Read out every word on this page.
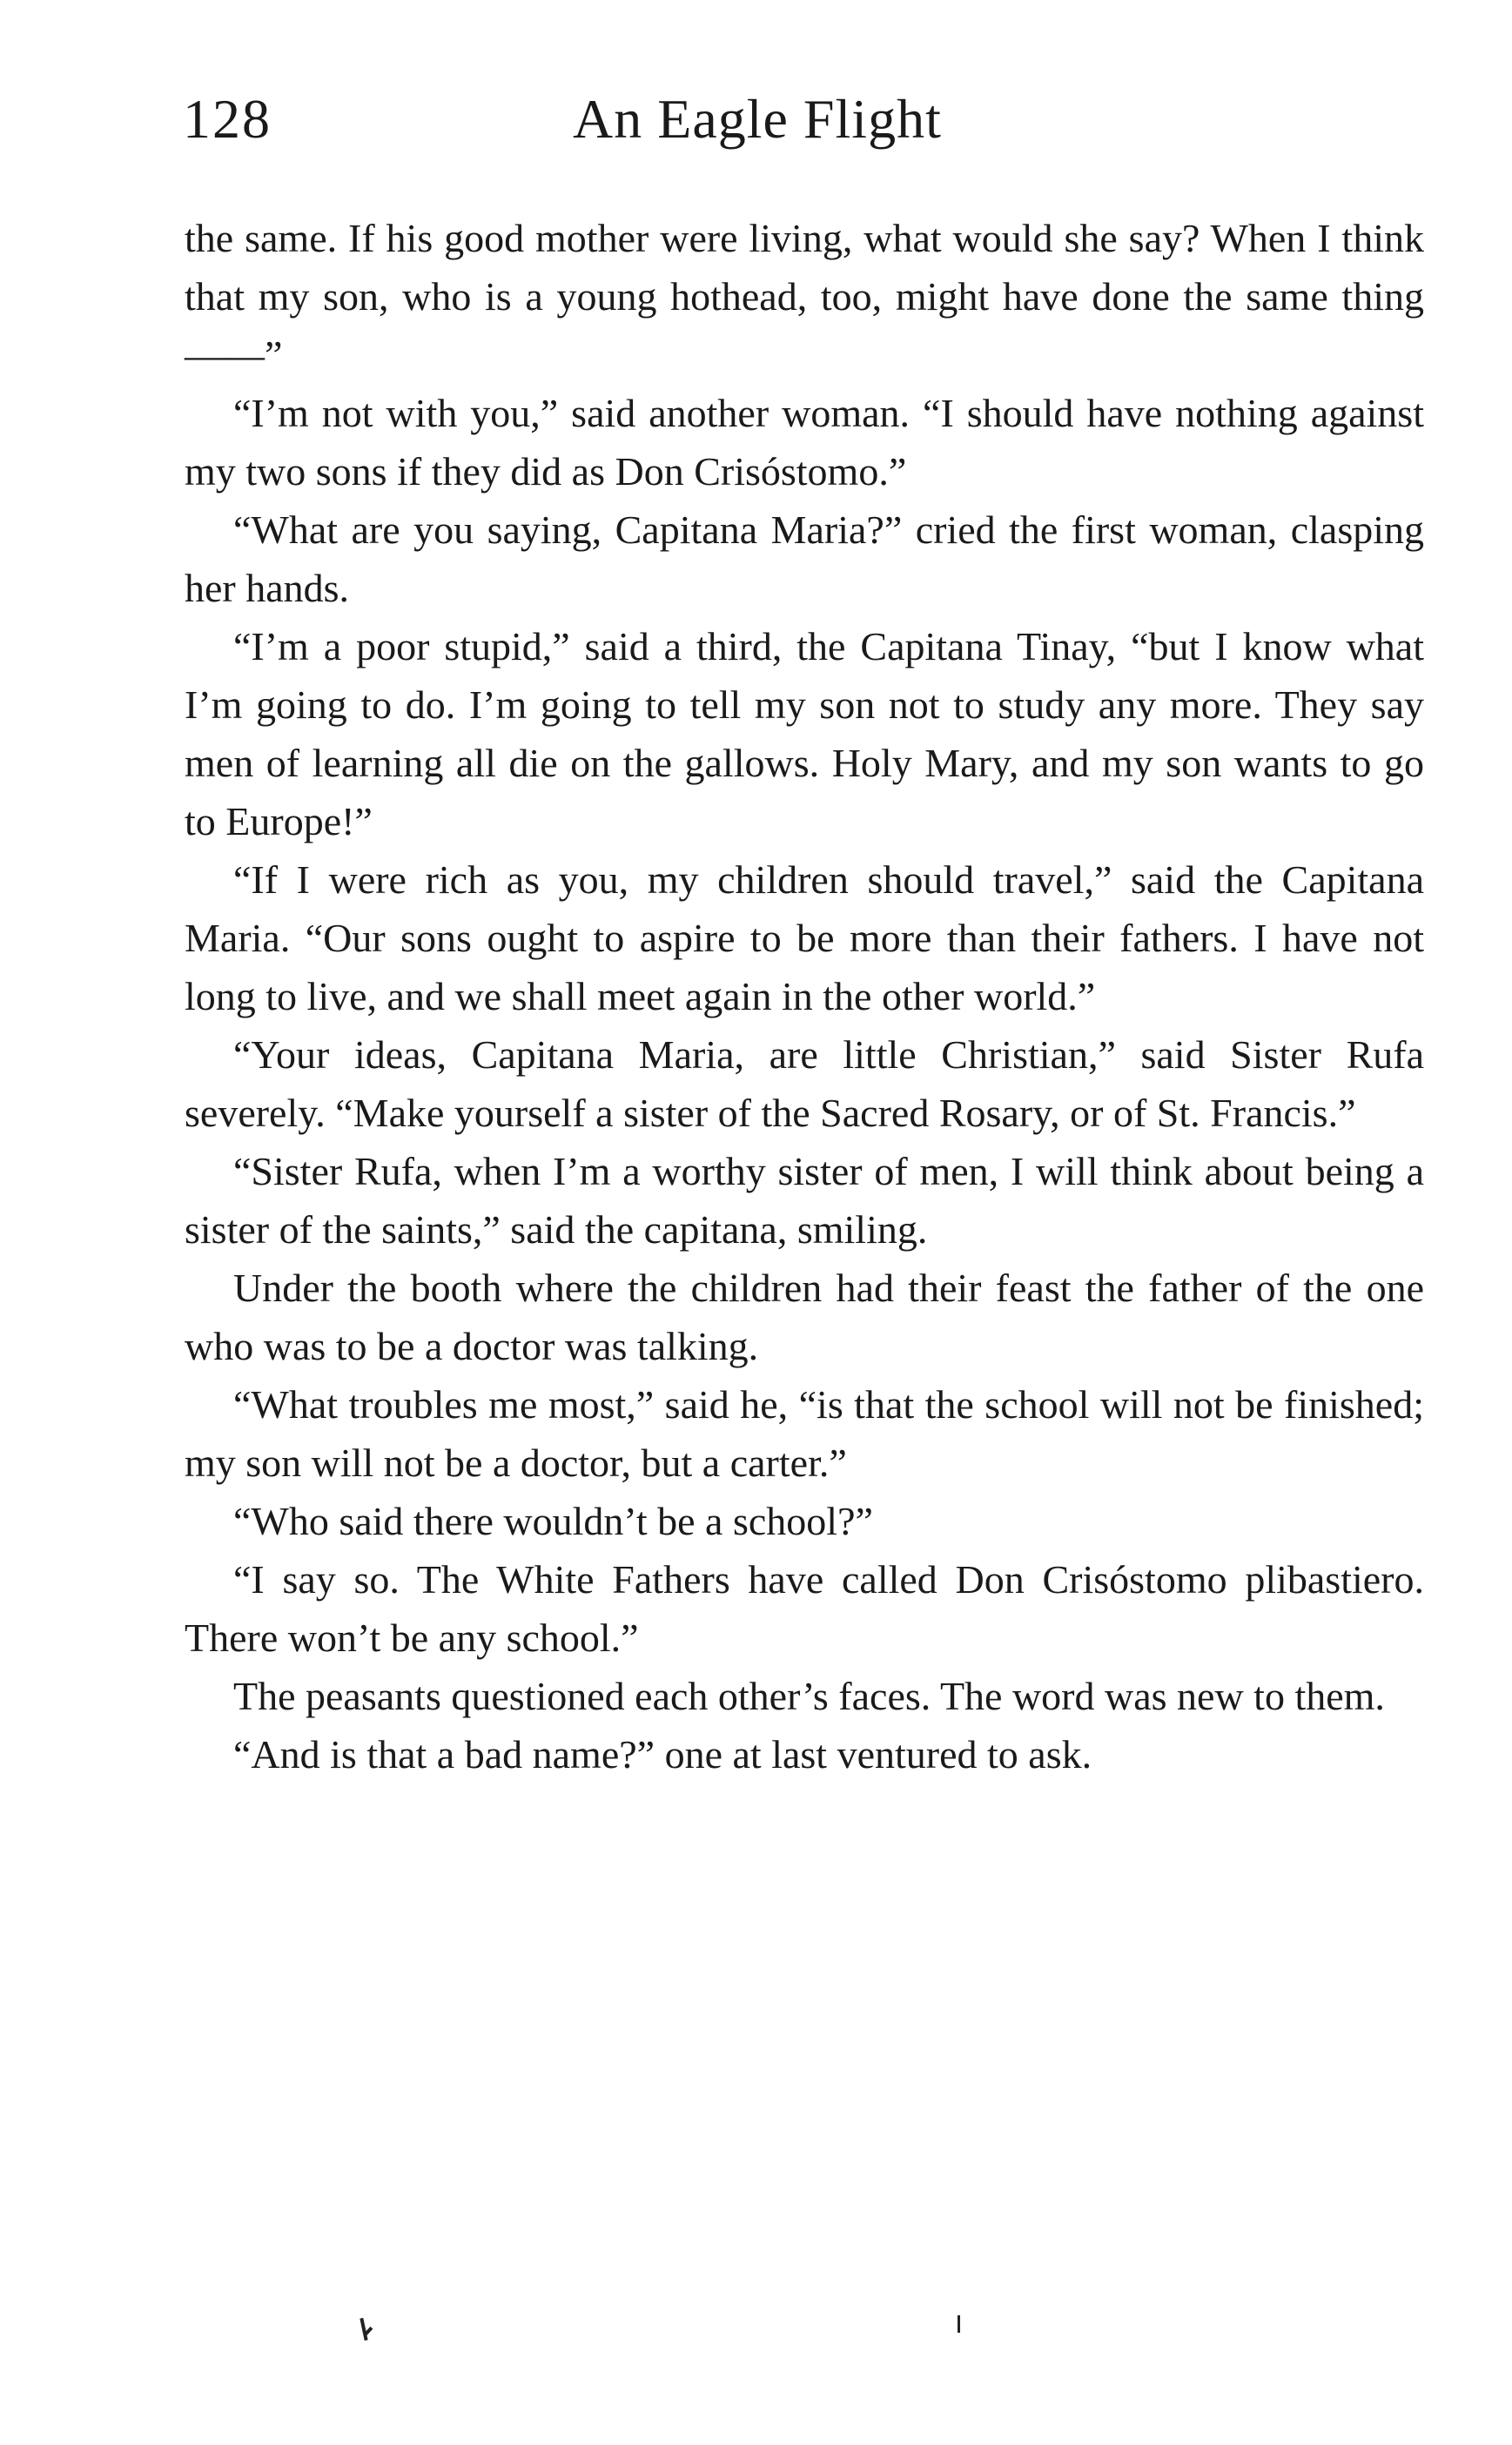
128	An Eagle Flight

the same. If his good mother were living, what would she say? When I think that my son, who is a young hothead, too, might have done the same thing——”

“I’m not with you,” said another woman. “I should have nothing against my two sons if they did as Don Crisóstomo.”

“What are you saying, Capitana Maria?” cried the first woman, clasping her hands.

“I’m a poor stupid,” said a third, the Capitana Tinay, “but I know what I’m going to do. I’m going to tell my son not to study any more. They say men of learning all die on the gallows. Holy Mary, and my son wants to go to Europe!”

“If I were rich as you, my children should travel,” said the Capitana Maria. “Our sons ought to aspire to be more than their fathers. I have not long to live, and we shall meet again in the other world.”

“Your ideas, Capitana Maria, are little Christian,” said Sister Rufa severely. “Make yourself a sister of the Sacred Rosary, or of St. Francis.”

“Sister Rufa, when I’m a worthy sister of men, I will think about being a sister of the saints,” said the capitana, smiling.

Under the booth where the children had their feast the father of the one who was to be a doctor was talking.

“What troubles me most,” said he, “is that the school will not be finished; my son will not be a doctor, but a carter.”

“Who said there wouldn’t be a school?”

“I say so. The White Fathers have called Don Crisóstomo plibastiero. There won’t be any school.”

The peasants questioned each other’s faces. The word was new to them.

“And is that a bad name?” one at last ventured to ask.
